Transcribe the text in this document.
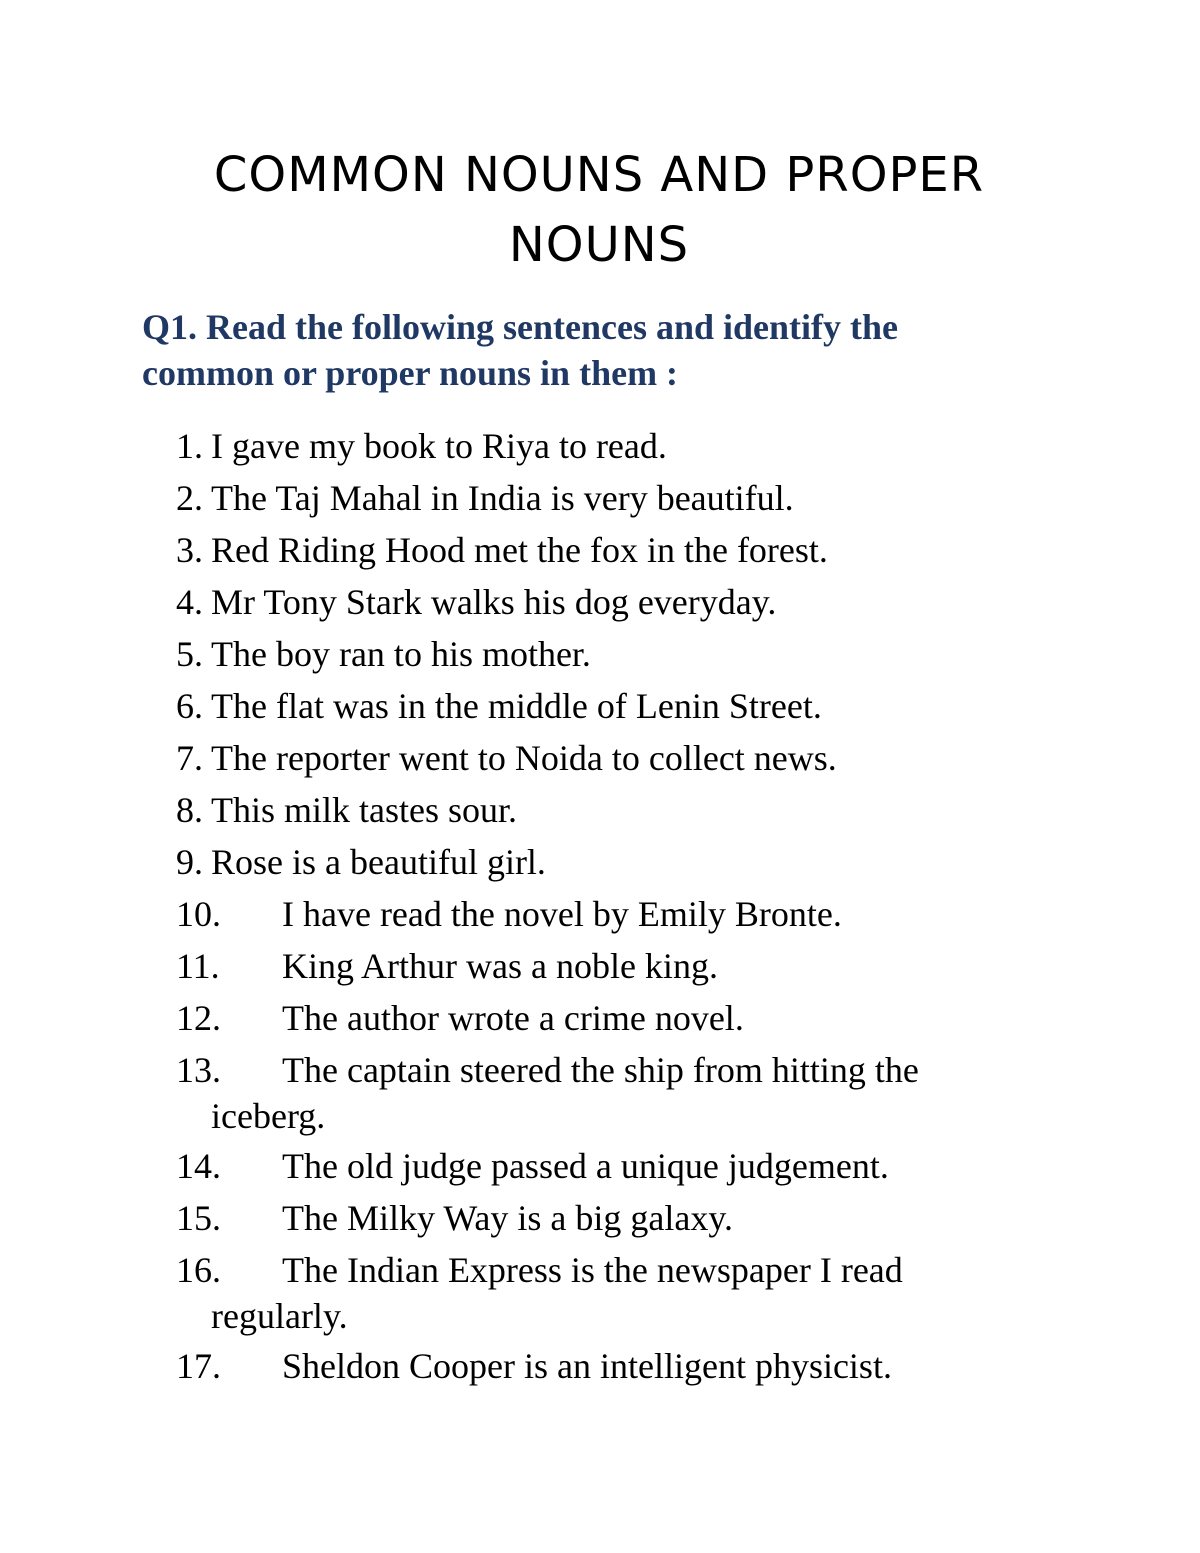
COMMON NOUNS AND PROPER
NOUNS
Q1. Read the following sentences and identify the
common or proper nouns in them :
1. I gave my book to Riya to read.
2. The Taj Mahal in India is very beautiful.
3. Red Riding Hood met the fox in the forest.
4. Mr Tony Stark walks his dog everyday.
5. The boy ran to his mother.
6. The flat was in the middle of Lenin Street.
7. The reporter went to Noida to collect news.
8. This milk tastes sour.
9. Rose is a beautiful girl.
10. I have read the novel by Emily Bronte.
11. King Arthur was a noble king.
12. The author wrote a crime novel.
13. The captain steered the ship from hitting the
iceberg.
14. The old judge passed a unique judgement.
15. The Milky Way is a big galaxy.
16. The Indian Express is the newspaper I read
regularly.
17. Sheldon Cooper is an intelligent physicist.
